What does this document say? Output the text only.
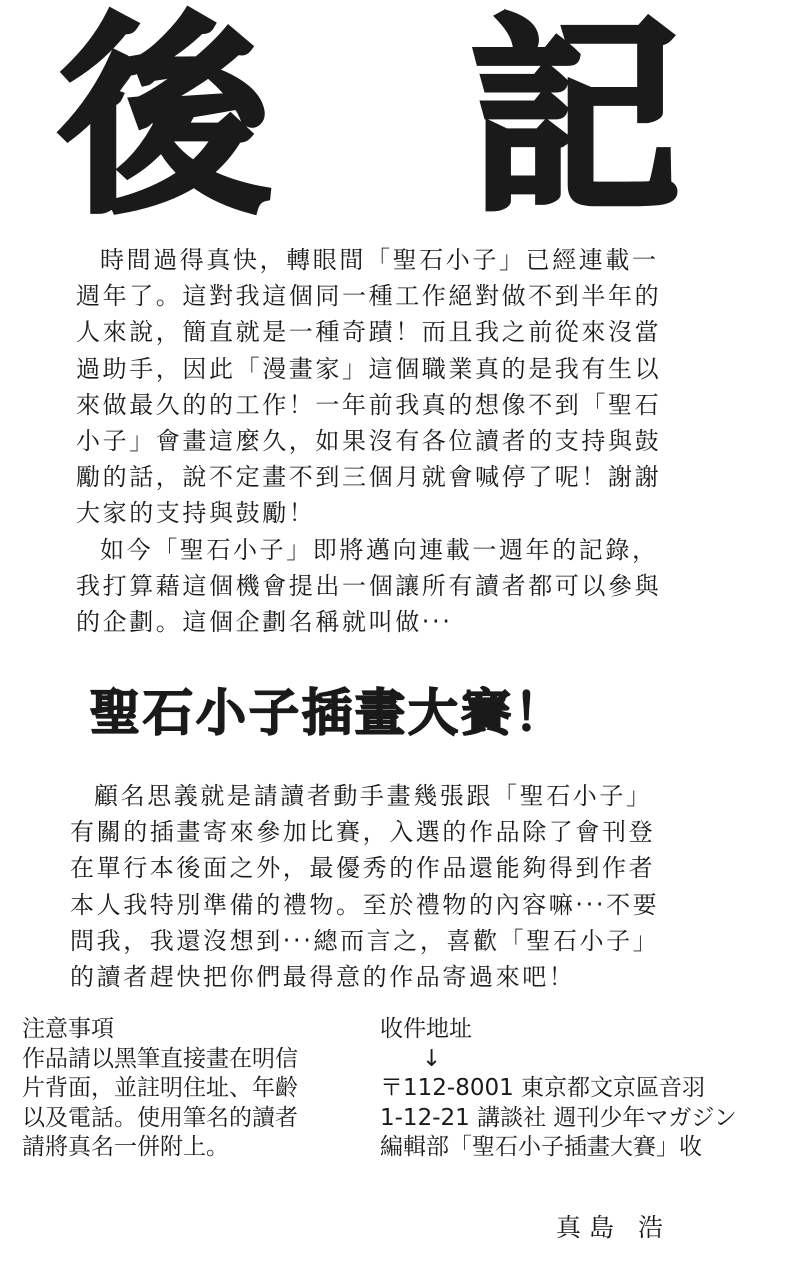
後 記
時間過得真快，轉眼間「聖石小子」已經連載一
週年了。這對我這個同一種工作絕對做不到半年的
人來說，簡直就是一種奇蹟！而且我之前從來沒當
過助手，因此「漫畫家」這個職業真的是我有生以
來做最久的的工作！一年前我真的想像不到「聖石
小子」會畫這麼久，如果沒有各位讀者的支持與鼓
勵的話，說不定畫不到三個月就會喊停了呢！謝謝
大家的支持與鼓勵！
如今「聖石小子」即將邁向連載一週年的記錄，
我打算藉這個機會提出一個讓所有讀者都可以參與
的企劃。這個企劃名稱就叫做‧‧‧
聖石小子插畫大賽！
顧名思義就是請讀者動手畫幾張跟「聖石小子」
有關的插畫寄來參加比賽，入選的作品除了會刊登
在單行本後面之外，最優秀的作品還能夠得到作者
本人我特別準備的禮物。至於禮物的內容嘛‧‧‧不要
問我，我還沒想到‧‧‧總而言之，喜歡「聖石小子」
的讀者趕快把你們最得意的作品寄過來吧！
注意事項
作品請以黑筆直接畫在明信
片背面，並註明住址、年齡
以及電話。使用筆名的讀者
請將真名一併附上。
收件地址
↓
〒112-8001 東京都文京區音羽
1-12-21 講談社 週刊少年マガジン
編輯部「聖石小子插畫大賽」收
真島 浩
